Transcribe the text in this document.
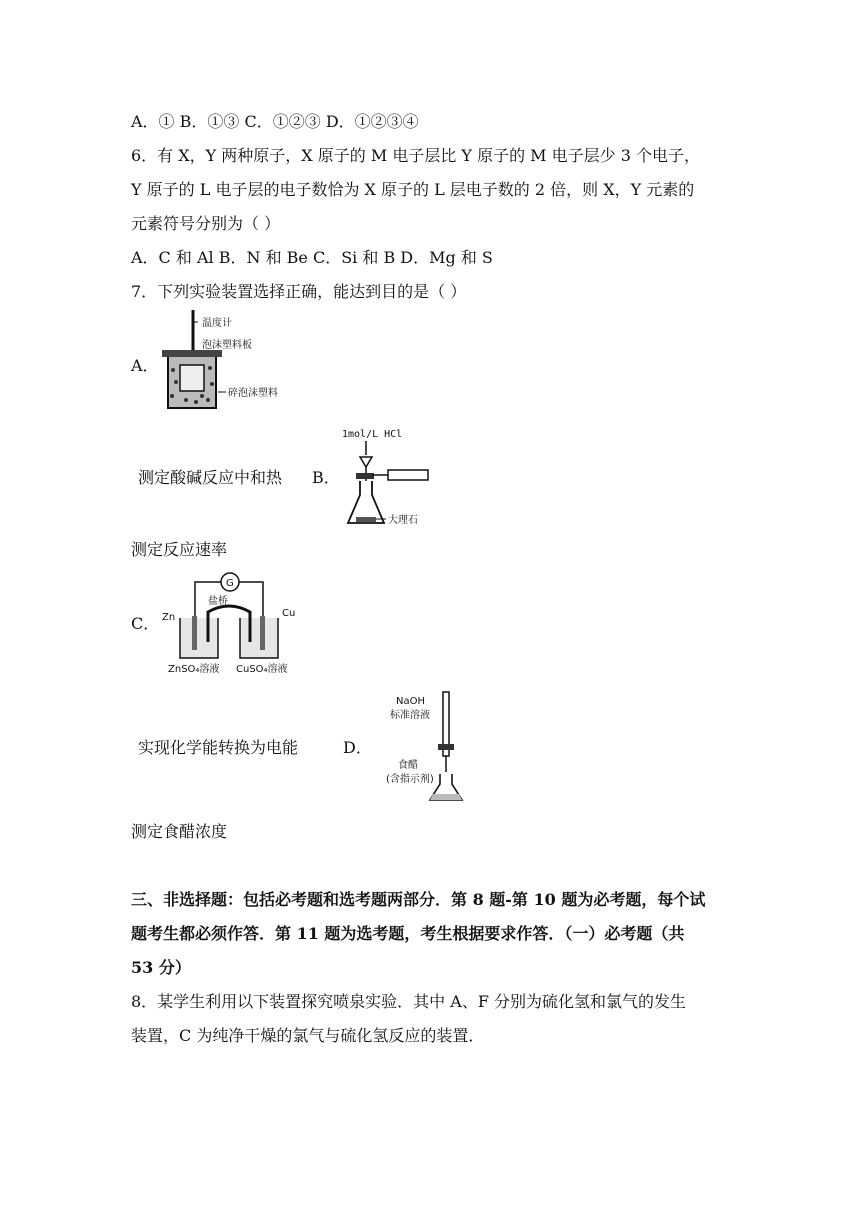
A．① B．①③ C．①②③ D．①②③④
6．有 X，Y 两种原子，X 原子的 M 电子层比 Y 原子的 M 电子层少 3 个电子，
Y 原子的 L 电子层的电子数恰为 X 原子的 L 层电子数的 2 倍，则 X，Y 元素的
元素符号分别为（ ）
A．C 和 Al B．N 和 Be C．Si 和 B D．Mg 和 S
7．下列实验装置选择正确，能达到目的是（ ）
A．
温度计
泡沫塑料板
碎泡沫塑料
测定酸碱反应中和热 B．
1mol/L HCl
大理石
测定反应速率
C．
G
盐桥
Zn	Cu
ZnSO₄溶液 CuSO₄溶液
实现化学能转换为电能	D．
NaOH
标准溶液
食醋
(含指示剂)
测定食醋浓度
三、非选择题：包括必考题和选考题两部分．第 8 题-第 10 题为必考题，每个试
题考生都必须作答．第 11 题为选考题，考生根据要求作答．（一）必考题（共
53 分）
8．某学生利用以下装置探究喷泉实验．其中 A、F 分别为硫化氢和氯气的发生
装置，C 为纯净干燥的氯气与硫化氢反应的装置．
